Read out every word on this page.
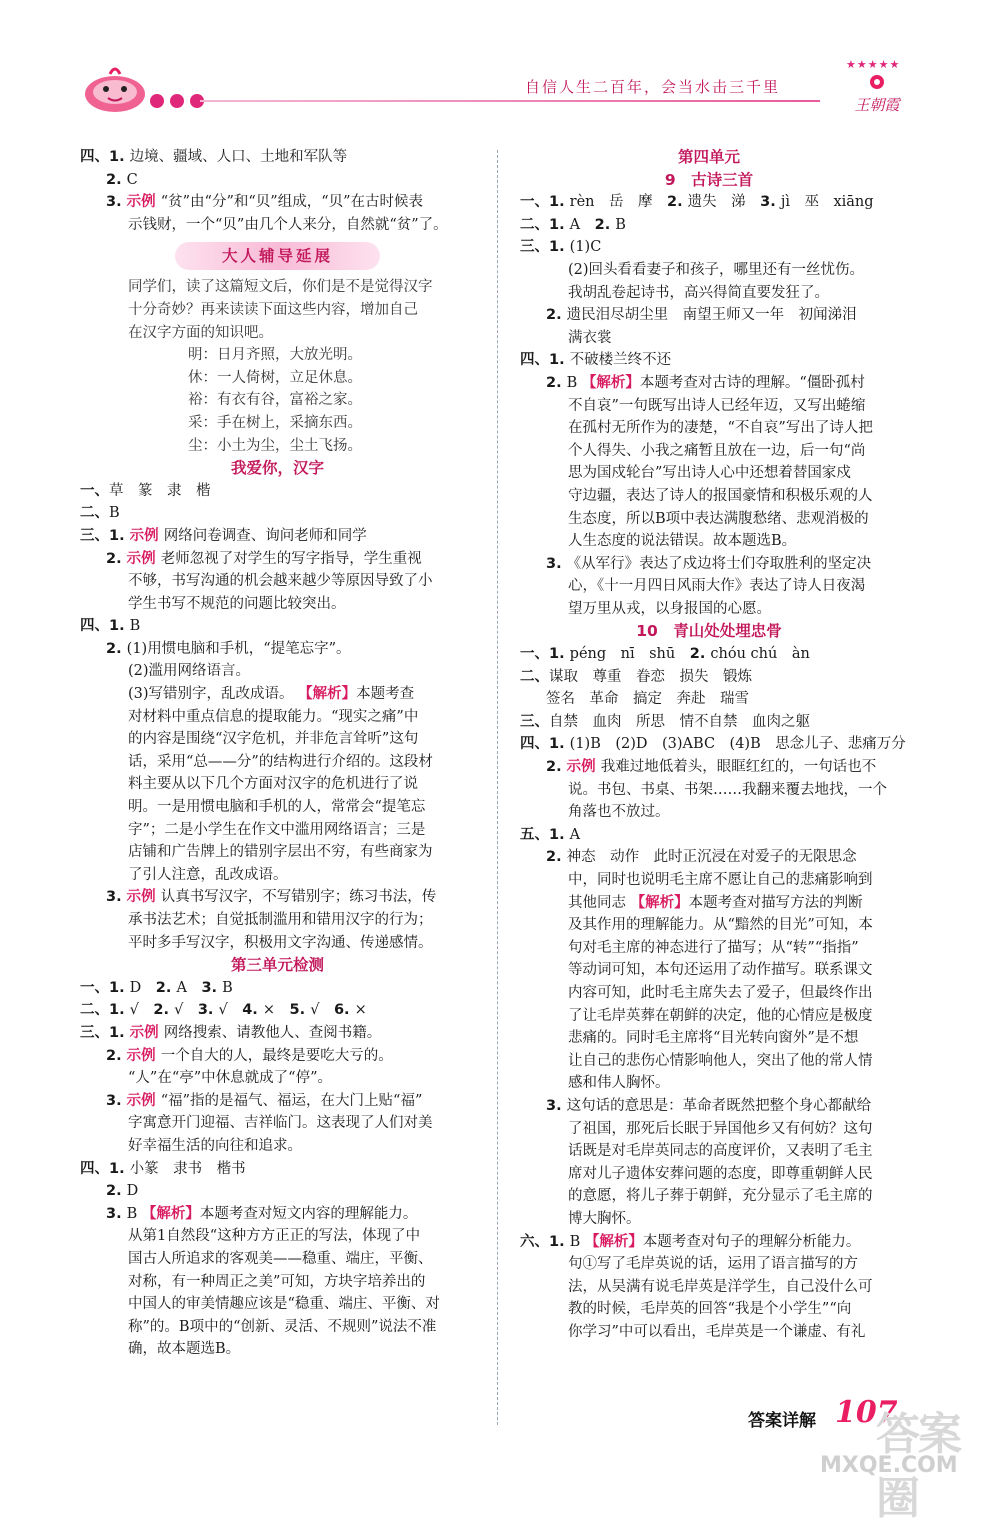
自信人生二百年，会当水击三千里
★★★★★
王朝霞
四、1. 边境、疆域、人口、土地和军队等
2. C
3. 示例 “贫”由“分”和“贝”组成，“贝”在古时候表
示钱财，一个“贝”由几个人来分，自然就“贫”了。
大人辅导延展
同学们，读了这篇短文后，你们是不是觉得汉字
十分奇妙？再来读读下面这些内容，增加自己
在汉字方面的知识吧。
明：日月齐照，大放光明。
休：一人倚树，立足休息。
裕：有衣有谷，富裕之家。
采：手在树上，采摘东西。
尘：小土为尘，尘土飞扬。
我爱你，汉字
一、草　篆　隶　楷
二、B
三、1. 示例 网络问卷调查、询问老师和同学
2. 示例 老师忽视了对学生的写字指导，学生重视
不够，书写沟通的机会越来越少等原因导致了小
学生书写不规范的问题比较突出。
四、1. B
2. (1)用惯电脑和手机，“提笔忘字”。
(2)滥用网络语言。
(3)写错别字，乱改成语。 【解析】本题考查
对材料中重点信息的提取能力。“现实之痛”中
的内容是围绕“汉字危机，并非危言耸听”这句
话，采用“总——分”的结构进行介绍的。这段材
料主要从以下几个方面对汉字的危机进行了说
明。一是用惯电脑和手机的人，常常会“提笔忘
字”；二是小学生在作文中滥用网络语言；三是
店铺和广告牌上的错别字层出不穷，有些商家为
了引人注意，乱改成语。
3. 示例 认真书写汉字，不写错别字；练习书法，传
承书法艺术；自觉抵制滥用和错用汉字的行为；
平时多手写汉字，积极用文字沟通、传递感情。
第三单元检测
一、1. D　2. A　3. B
二、1. √　2. √　3. √　4. ×　5. √　6. ×
三、1. 示例 网络搜索、请教他人、查阅书籍。
2. 示例 一个自大的人，最终是要吃大亏的。
“人”在“亭”中休息就成了“停”。
3. 示例 “福”指的是福气、福运，在大门上贴“福”
字寓意开门迎福、吉祥临门。这表现了人们对美
好幸福生活的向往和追求。
四、1. 小篆　隶书　楷书
2. D
3. B 【解析】本题考查对短文内容的理解能力。
从第1自然段“这种方方正正的写法，体现了中
国古人所追求的客观美——稳重、端庄，平衡、
对称，有一种周正之美”可知，方块字培养出的
中国人的审美情趣应该是“稳重、端庄、平衡、对
称”的。B项中的“创新、灵活、不规则”说法不准
确，故本题选B。
第四单元
9　古诗三首
一、1. rèn　岳　摩　2. 遗失　涕　3. jì　巫　xiāng
二、1. A　2. B
三、1. (1)C
(2)回头看看妻子和孩子，哪里还有一丝忧伤。
我胡乱卷起诗书，高兴得简直要发狂了。
2. 遗民泪尽胡尘里　南望王师又一年　初闻涕泪
满衣裳
四、1. 不破楼兰终不还
2. B 【解析】本题考查对古诗的理解。“僵卧孤村
不自哀”一句既写出诗人已经年迈，又写出蜷缩
在孤村无所作为的凄楚，“不自哀”写出了诗人把
个人得失、小我之痛暂且放在一边，后一句“尚
思为国戍轮台”写出诗人心中还想着替国家戍
守边疆，表达了诗人的报国豪情和积极乐观的人
生态度，所以B项中表达满腹愁绪、悲观消极的
人生态度的说法错误。故本题选B。
3. 《从军行》表达了戍边将士们夺取胜利的坚定决
心，《十一月四日风雨大作》表达了诗人日夜渴
望万里从戎，以身报国的心愿。
10　青山处处埋忠骨
一、1. péng　nī　shū　2. chóu chú　àn
二、谋取　尊重　眷恋　损失　锻炼
签名　革命　搞定　奔赴　瑞雪
三、自禁　血肉　所思　情不自禁　血肉之躯
四、1. (1)B　(2)D　(3)ABC　(4)B　思念儿子、悲痛万分
2. 示例 我难过地低着头，眼眶红红的，一句话也不
说。书包、书桌、书架……我翻来覆去地找，一个
角落也不放过。
五、1. A
2. 神态　动作　此时正沉浸在对爱子的无限思念
中，同时也说明毛主席不愿让自己的悲痛影响到
其他同志 【解析】本题考查对描写方法的判断
及其作用的理解能力。从“黯然的目光”可知，本
句对毛主席的神态进行了描写；从“转”“指指”
等动词可知，本句还运用了动作描写。联系课文
内容可知，此时毛主席失去了爱子，但最终作出
了让毛岸英葬在朝鲜的决定，他的心情应是极度
悲痛的。同时毛主席将“目光转向窗外”是不想
让自己的悲伤心情影响他人，突出了他的常人情
感和伟人胸怀。
3. 这句话的意思是：革命者既然把整个身心都献给
了祖国，那死后长眠于异国他乡又有何妨？这句
话既是对毛岸英同志的高度评价，又表明了毛主
席对儿子遗体安葬问题的态度，即尊重朝鲜人民
的意愿，将儿子葬于朝鲜，充分显示了毛主席的
博大胸怀。
六、1. B 【解析】本题考查对句子的理解分析能力。
句①写了毛岸英说的话，运用了语言描写的方
法，从吴满有说毛岸英是洋学生，自己没什么可
教的时候，毛岸英的回答“我是个小学生”“向
你学习”中可以看出，毛岸英是一个谦虚、有礼
答案详解 107
答案圈
MXQE.COM
